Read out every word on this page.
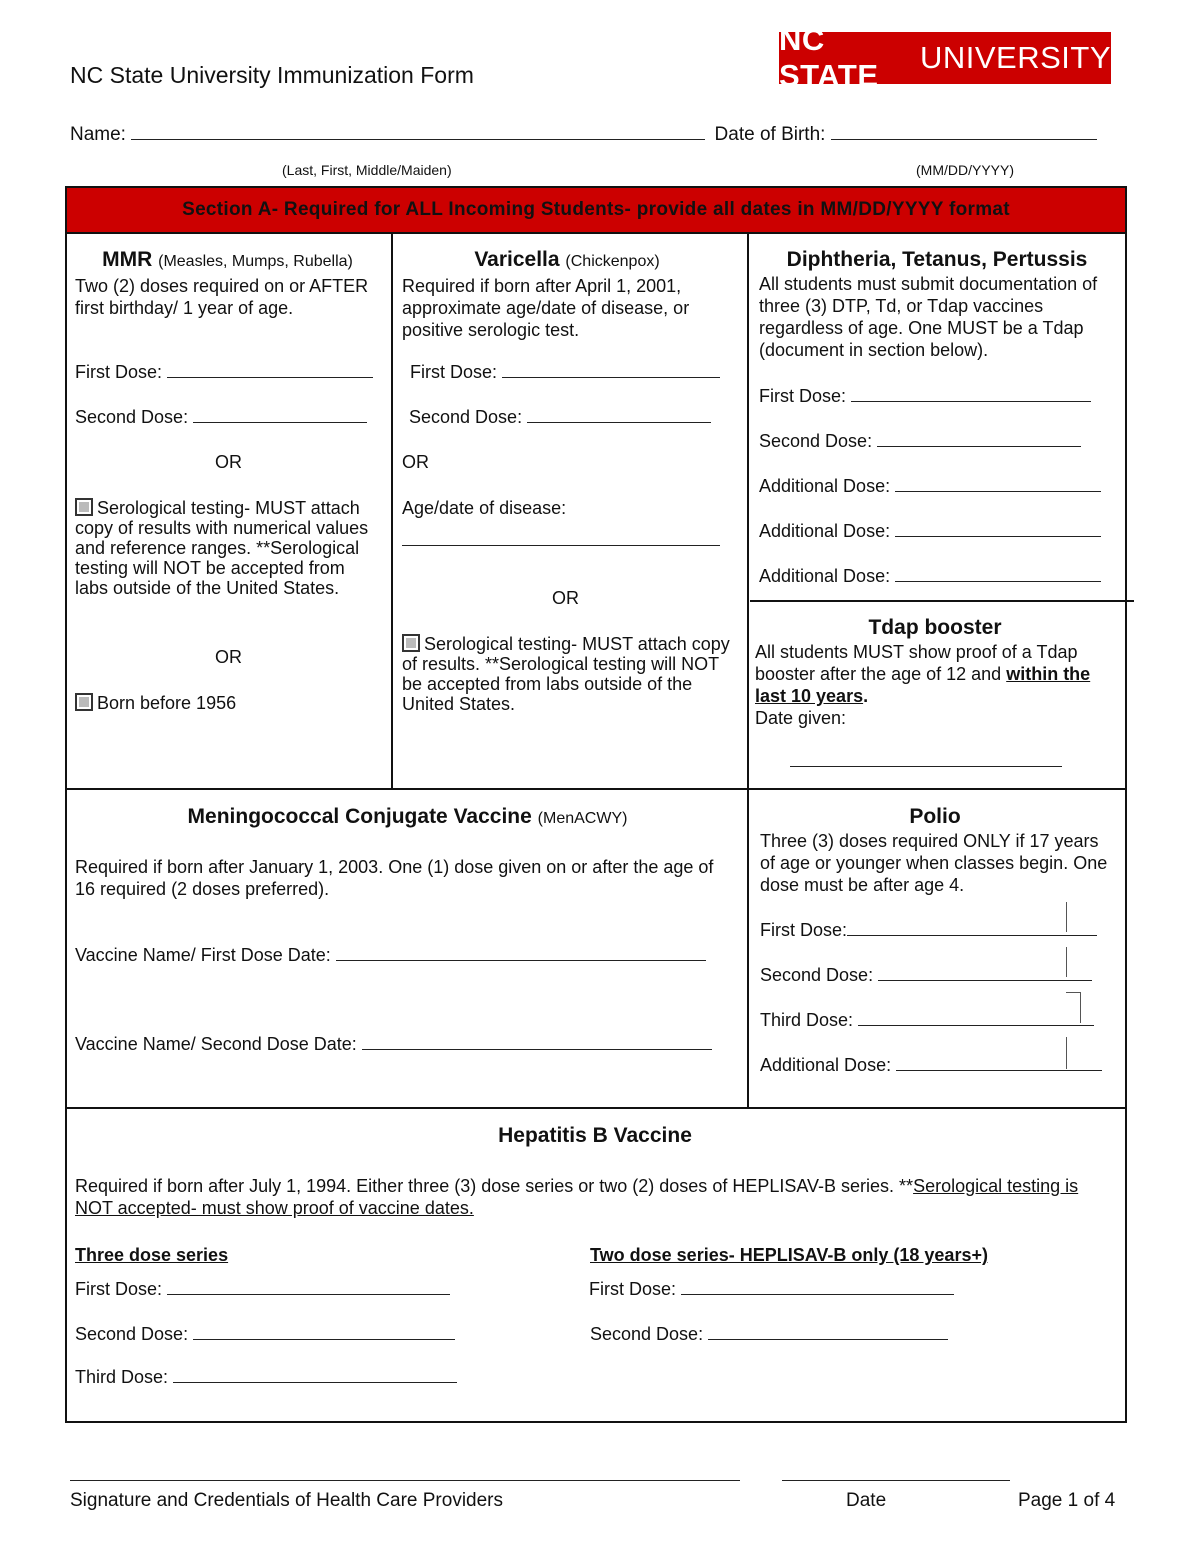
NC State University Immunization Form
NC STATE
UNIVERSITY
Name:	Date of Birth:
(Last, First, Middle/Maiden)	(MM/DD/YYYY)
Section A- Required for ALL Incoming Students- provide all dates in MM/DD/YYYY format
MMR (Measles, Mumps, Rubella)
Two (2) doses required on or AFTER first birthday/ 1 year of age.
First Dose:
Second Dose:
OR
Serological testing- MUST attach copy of results with numerical values and reference ranges. **Serological testing will NOT be accepted from labs outside of the United States.
OR
Born before 1956
Varicella (Chickenpox)
Required if born after April 1, 2001, approximate age/date of disease, or positive serologic test.
First Dose:
Second Dose:
OR
Age/date of disease:
OR
Serological testing- MUST attach copy of results. **Serological testing will NOT be accepted from labs outside of the United States.
Diphtheria, Tetanus, Pertussis
All students must submit documentation of three (3) DTP, Td, or Tdap vaccines regardless of age. One MUST be a Tdap (document in section below).
First Dose:
Second Dose:
Additional Dose:
Additional Dose:
Additional Dose:
Tdap booster
All students MUST show proof of a Tdap booster after the age of 12 and within the last 10 years.
Date given:
Meningococcal Conjugate Vaccine (MenACWY)
Required if born after January 1, 2003. One (1) dose given on or after the age of 16 required (2 doses preferred).
Vaccine Name/ First Dose Date:
Vaccine Name/ Second Dose Date:
Polio
Three (3) doses required ONLY if 17 years of age or younger when classes begin. One dose must be after age 4.
First Dose:
Second Dose:
Third Dose:
Additional Dose:
Hepatitis B Vaccine
Required if born after July 1, 1994. Either three (3) dose series or two (2) doses of HEPLISAV-B series. **Serological testing is NOT accepted- must show proof of vaccine dates.
Three dose series	Two dose series- HEPLISAV-B only (18 years+)
First Dose:
Second Dose:
Third Dose:
First Dose:
Second Dose:
Signature and Credentials of Health Care Providers	Date	Page 1 of 4
